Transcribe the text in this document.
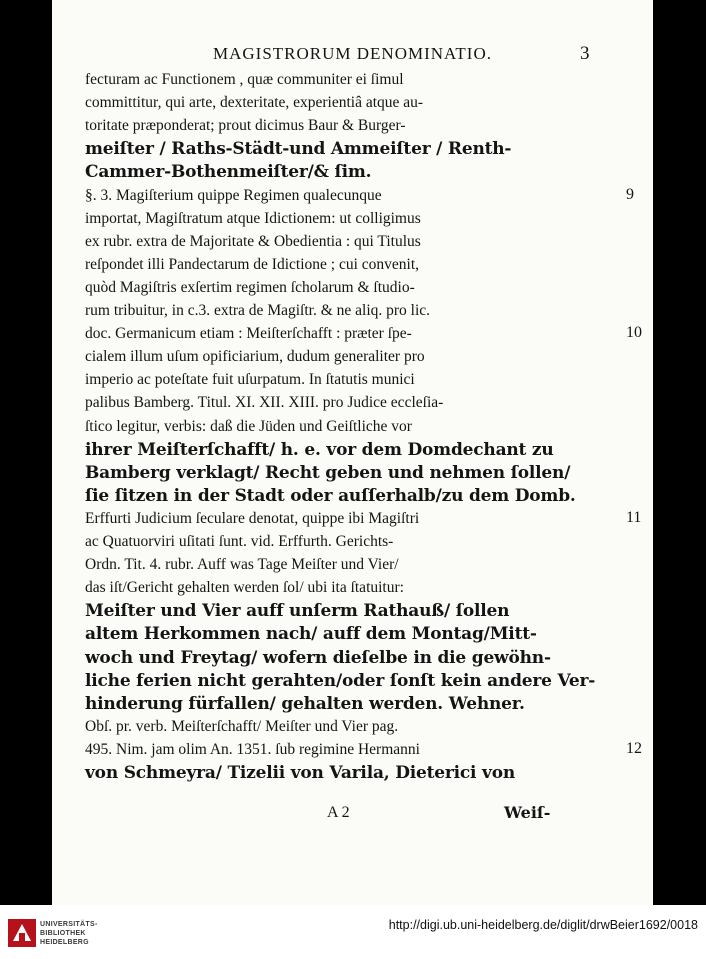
MAGISTRORUM DENOMINATIO.	3
fecturam ac Functionem , quæ communiter ei ſimul
committitur, qui arte, dexteritate, experientiâ atque au-
toritate præponderat; prout dicimus Baur & Burger-
meiſter / Raths-Städt-und Ammeiſter / Renth-
Cammer-Bothenmeiſter/& ſim.
§. 3. Magiſterium quippe Regimen qualecunque
importat, Magiſtratum atque Idictionem: ut colligimus
ex rubr. extra de Majoritate & Obedientia : qui Titulus
reſpondet illi Pandectarum de Idictione ; cui convenit,
quòd Magiſtris exſertim regimen ſcholarum & ſtudio-
rum tribuitur, in c.3. extra de Magiſtr. & ne aliq. pro lic.
doc. Germanicum etiam : Meiſterſchafft : præter ſpe-
cialem illum uſum opificiarium, dudum generaliter pro
imperio ac poteſtate fuit uſurpatum. In ſtatutis munici
palibus Bamberg. Titul. XI. XII. XIII. pro Judice eccleſia-
ſtico legitur, verbis: daß die Jüden und Geiſtliche vor
ihrer Meiſterſchafft/ h. e. vor dem Domdechant zu
Bamberg verklagt/ Recht geben und nehmen ſollen/
ſie ſitzen in der Stadt oder auſſerhalb/zu dem Domb.
Erffurti Judicium ſeculare denotat, quippe ibi Magiſtri
ac Quatuorviri uſitati ſunt. vid. Erffurth. Gerichts-
Ordn. Tit. 4. rubr. Auff was Tage Meiſter und Vier/
das iſt/Gericht gehalten werden ſol/ ubi ita ſtatuitur:
Meiſter und Vier auff unſerm Rathauß/ ſollen
altem Herkommen nach/ auff dem Montag/Mitt-
woch und Freytag/ wofern dieſelbe in die gewöhn-
liche ferien nicht gerahten/oder ſonſt kein andere Ver-
hinderung fürfallen/ gehalten werden. Wehner.
Obſ. pr. verb. Meiſterſchafft/ Meiſter und Vier pag.
495. Nim. jam olim An. 1351. ſub regimine Hermanni
von Schmeyra/ Tizelii von Varila, Dieterici von
9
10
11
12
A 2	Weiſ-
UNIVERSITÄTS-
BIBLIOTHEK
HEIDELBERG
http://digi.ub.uni-heidelberg.de/diglit/drwBeier1692/0018
